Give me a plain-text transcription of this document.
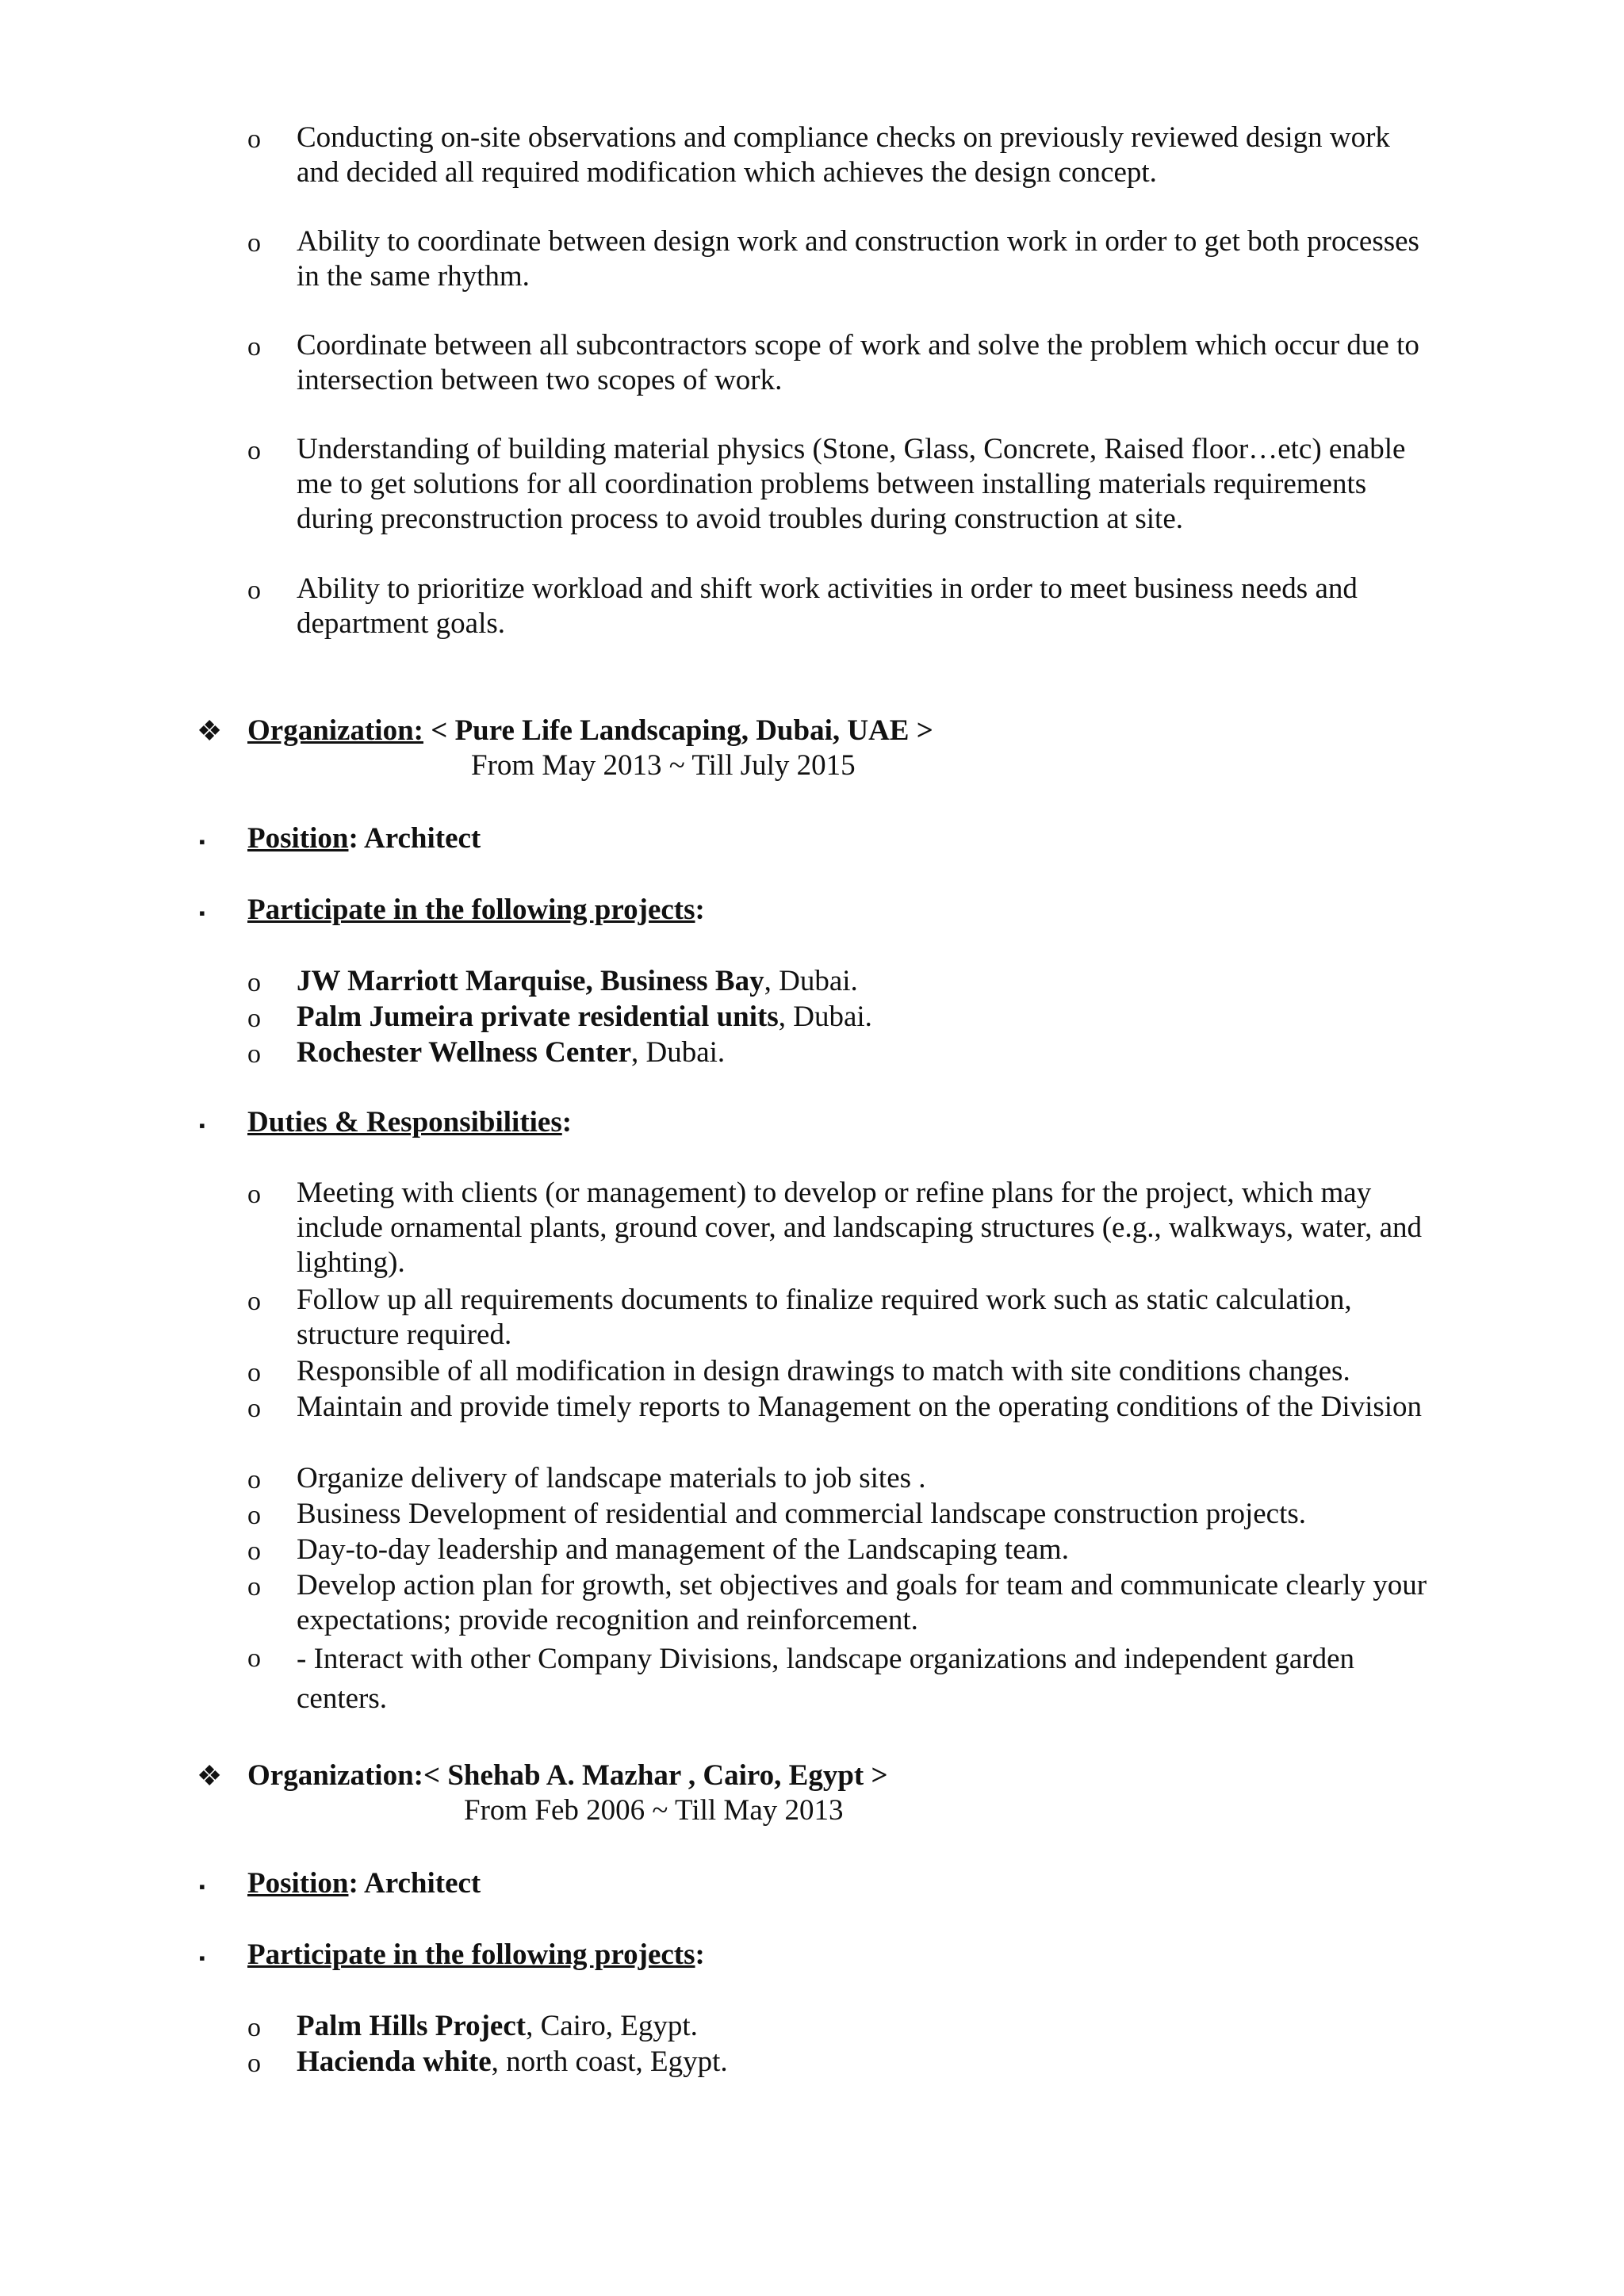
o	Conducting on-site observations and compliance checks on previously reviewed design work and decided all required modification which achieves the design concept.
o	Ability to coordinate between design work and construction work in order to get both processes in the same rhythm.
o	Coordinate between all subcontractors scope of work and solve the problem which occur due to intersection between two scopes of work.
o	Understanding of building material physics (Stone, Glass, Concrete, Raised floor…etc) enable me to get solutions for all coordination problems between installing materials requirements during preconstruction process to avoid troubles during construction at site.
o	Ability to prioritize workload and shift work activities in order to meet business needs and department goals.
❖ Organization: < Pure Life Landscaping, Dubai, UAE >
From May 2013 ~ Till July 2015
▪ Position: Architect
▪ Participate in the following projects:
o	JW Marriott Marquise, Business Bay, Dubai.
o	Palm Jumeira private residential units, Dubai.
o	Rochester Wellness Center, Dubai.
▪ Duties & Responsibilities:
o	Meeting with clients (or management) to develop or refine plans for the project, which may include ornamental plants, ground cover, and landscaping structures (e.g., walkways, water, and lighting).
o	Follow up all requirements documents to finalize required work such as static calculation, structure required.
o	Responsible of all modification in design drawings to match with site conditions changes.
o	Maintain and provide timely reports to Management on the operating conditions of the Division
o	Organize delivery of landscape materials to job sites .
o	Business Development of residential and commercial landscape construction projects.
o	Day-to-day leadership and management of the Landscaping team.
o	Develop action plan for growth, set objectives and goals for team and communicate clearly your expectations; provide recognition and reinforcement.
o	- Interact with other Company Divisions, landscape organizations and independent garden centers.
❖ Organization:< Shehab A. Mazhar , Cairo, Egypt >
From Feb 2006 ~ Till May 2013
▪ Position: Architect
▪ Participate in the following projects:
o	Palm Hills Project, Cairo, Egypt.
o	Hacienda white, north coast, Egypt.
